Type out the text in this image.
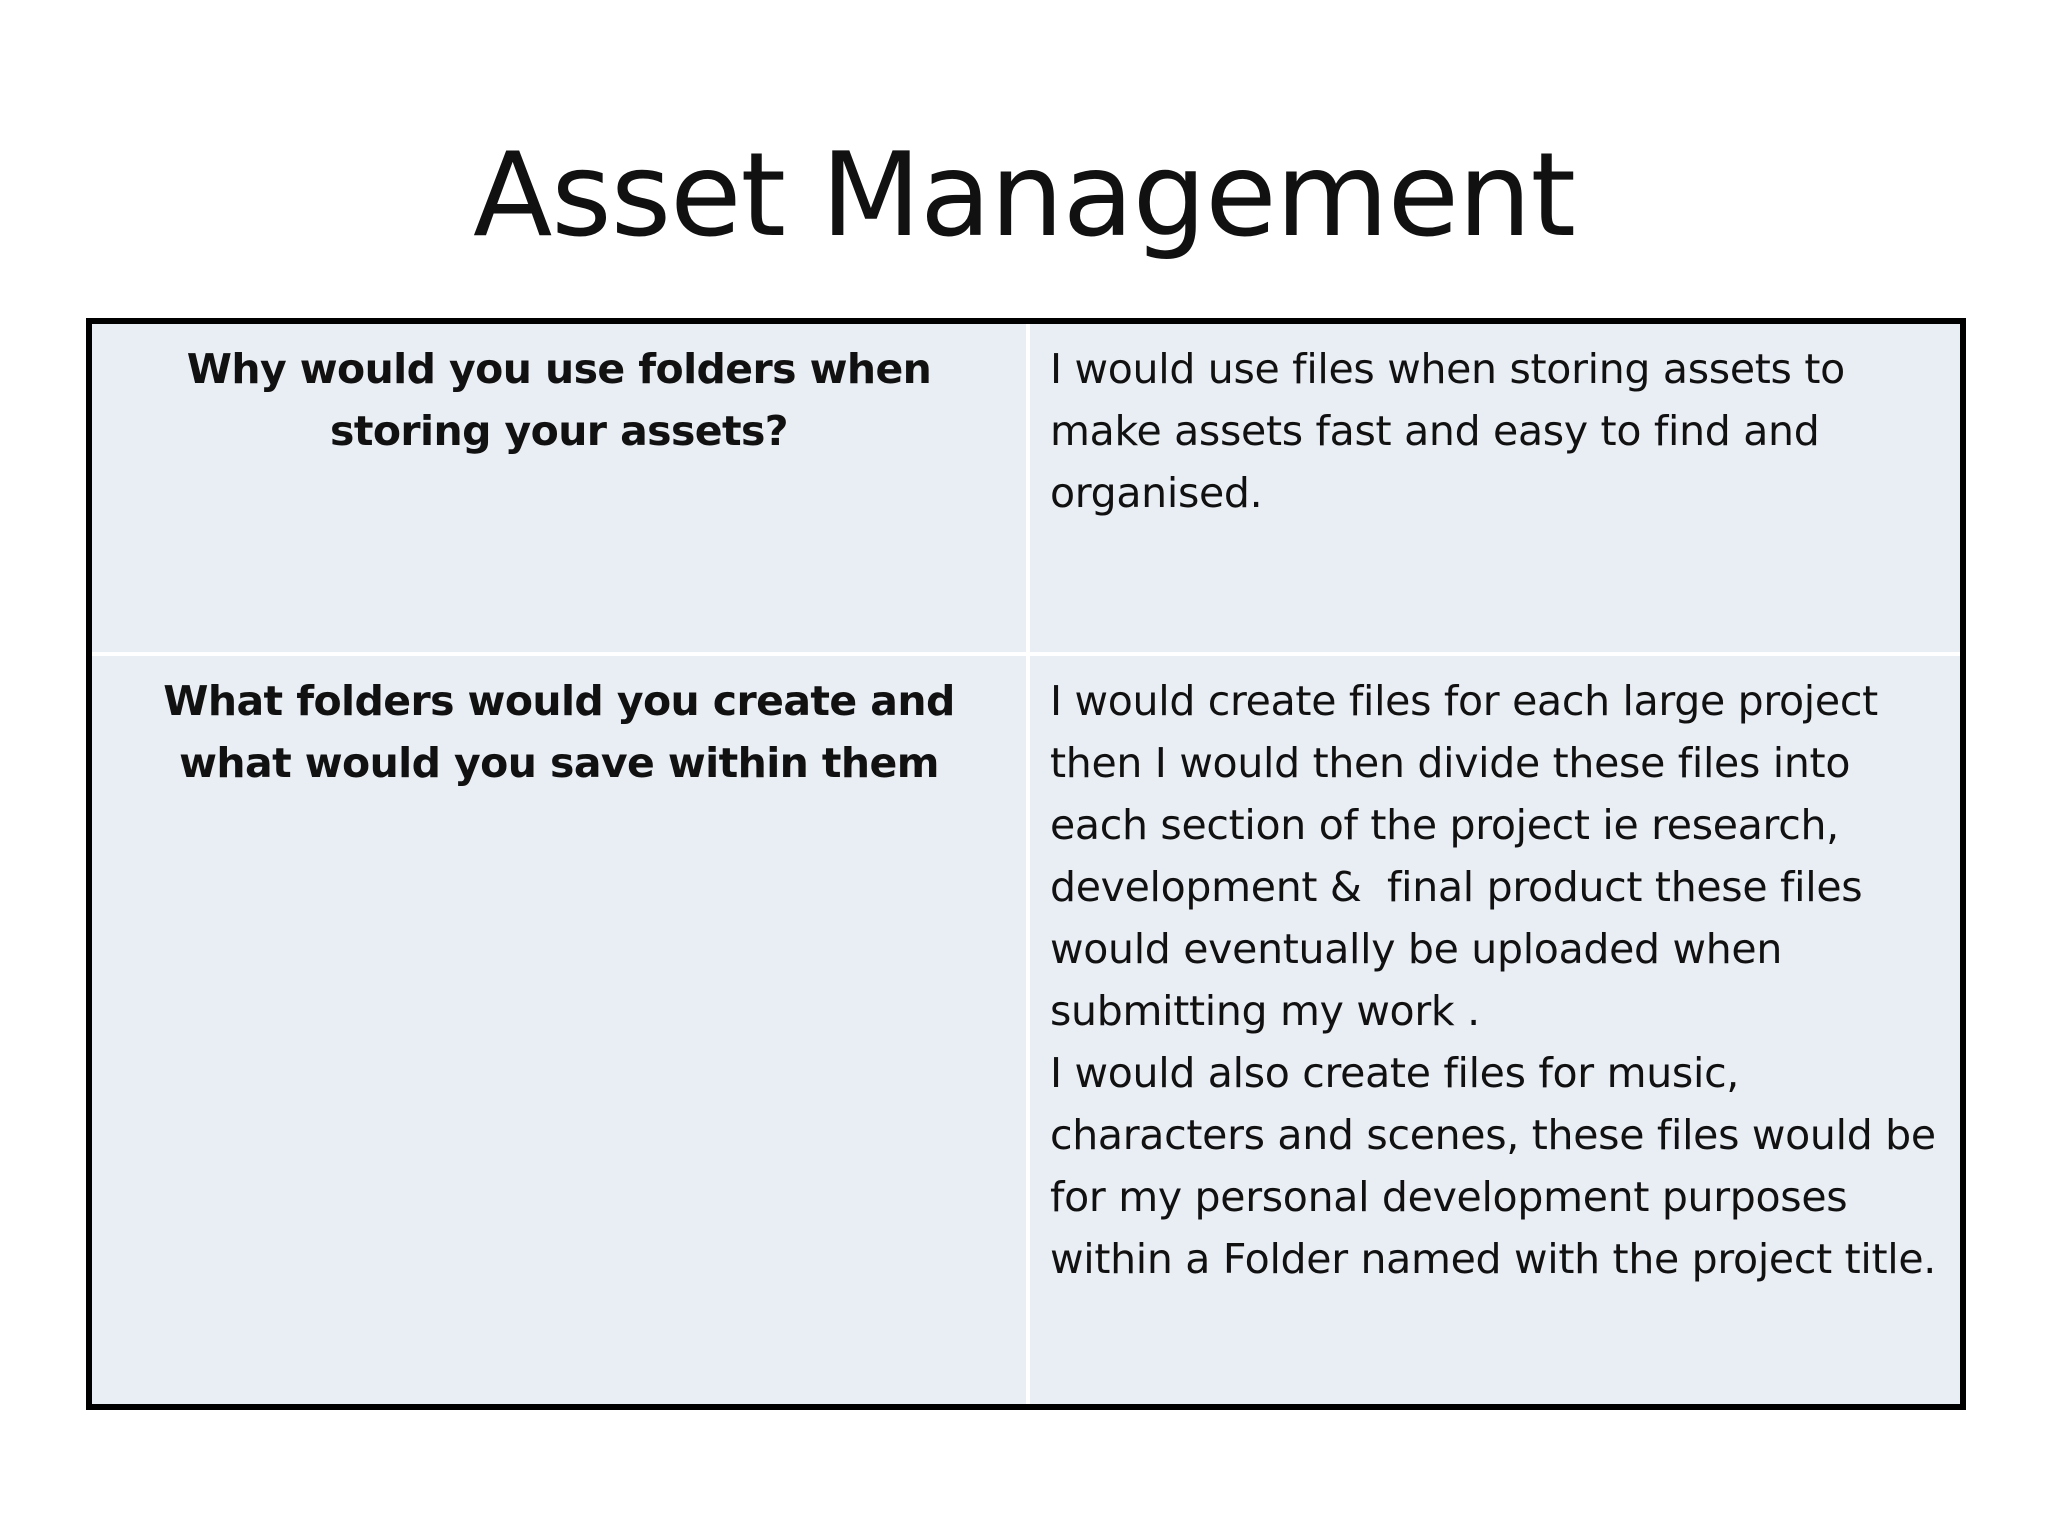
Asset Management
Why would you use folders when storing your assets?

I would use files when storing assets to make assets fast and easy to find and organised.

What folders would you create and what would you save within them

I would create files for each large project then I would then divide these files into each section of the project ie research, development &  final product these files would eventually be uploaded when submitting my work .

I would also create files for music, characters and scenes, these files would be for my personal development purposes within a Folder named with the project title.
